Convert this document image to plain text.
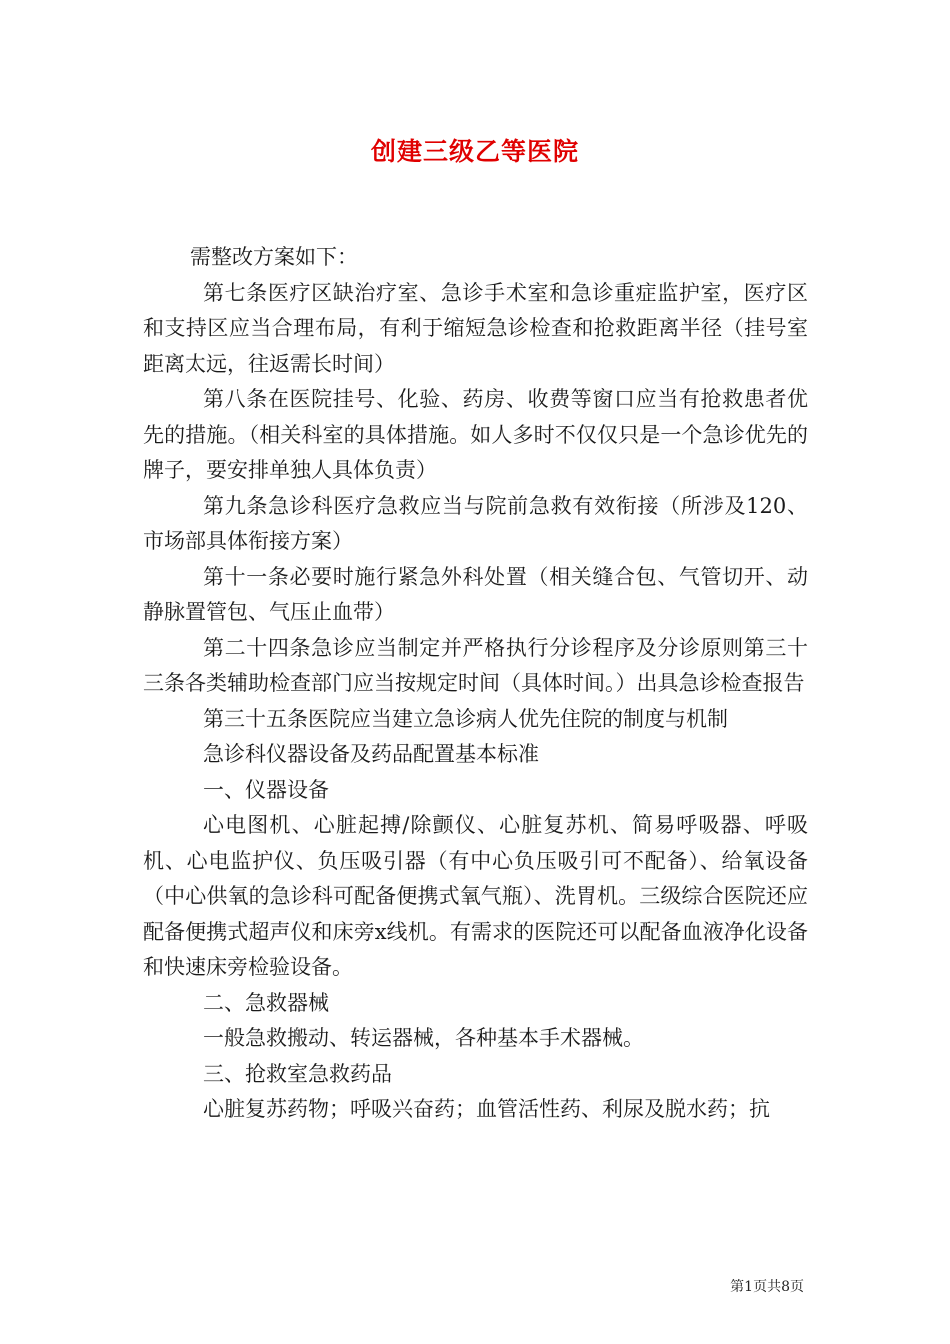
创建三级乙等医院

需整改方案如下：

第七条医疗区缺治疗室、急诊手术室和急诊重症监护室，医疗区和支持区应当合理布局，有利于缩短急诊检查和抢救距离半径（挂号室距离太远，往返需长时间）

第八条在医院挂号、化验、药房、收费等窗口应当有抢救患者优先的措施。（相关科室的具体措施。如人多时不仅仅只是一个急诊优先的牌子，要安排单独人具体负责）

第九条急诊科医疗急救应当与院前急救有效衔接（所涉及120、市场部具体衔接方案）

第十一条必要时施行紧急外科处置（相关缝合包、气管切开、动静脉置管包、气压止血带）

第二十四条急诊应当制定并严格执行分诊程序及分诊原则第三十三条各类辅助检查部门应当按规定时间（具体时间。）出具急诊检查报告

第三十五条医院应当建立急诊病人优先住院的制度与机制

急诊科仪器设备及药品配置基本标准

一、仪器设备

心电图机、心脏起搏/除颤仪、心脏复苏机、简易呼吸器、呼吸机、心电监护仪、负压吸引器（有中心负压吸引可不配备）、给氧设备（中心供氧的急诊科可配备便携式氧气瓶）、洗胃机。三级综合医院还应配备便携式超声仪和床旁x线机。有需求的医院还可以配备血液净化设备和快速床旁检验设备。

二、急救器械

一般急救搬动、转运器械，各种基本手术器械。

三、抢救室急救药品

心脏复苏药物；呼吸兴奋药；血管活性药、利尿及脱水药；抗

第1页共8页
